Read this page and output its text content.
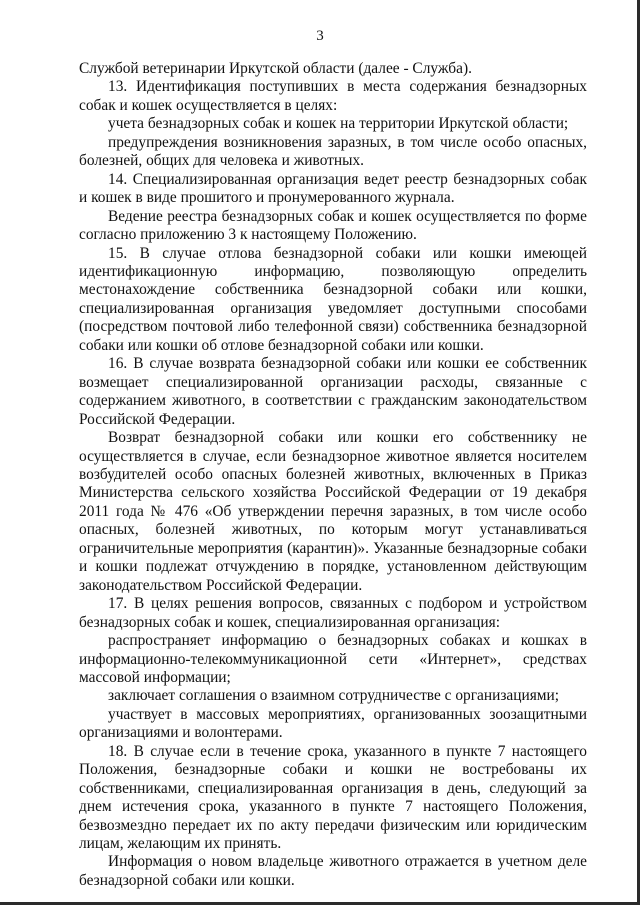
3

Службой ветеринарии Иркутской области (далее - Служба).

13. Идентификация поступивших в места содержания безнадзорных собак и кошек осуществляется в целях:

учета безнадзорных собак и кошек на территории Иркутской области;

предупреждения возникновения заразных, в том числе особо опасных, болезней, общих для человека и животных.

14. Специализированная организация ведет реестр безнадзорных собак и кошек в виде прошитого и пронумерованного журнала.

Ведение реестра безнадзорных собак и кошек осуществляется по форме согласно приложению 3 к настоящему Положению.

15. В случае отлова безнадзорной собаки или кошки имеющей идентификационную информацию, позволяющую определить местонахождение собственника безнадзорной собаки или кошки, специализированная организация уведомляет доступными способами (посредством почтовой либо телефонной связи) собственника безнадзорной собаки или кошки об отлове безнадзорной собаки или кошки.

16. В случае возврата безнадзорной собаки или кошки ее собственник возмещает специализированной организации расходы, связанные с содержанием животного, в соответствии с гражданским законодательством Российской Федерации.

Возврат безнадзорной собаки или кошки его собственнику не осуществляется в случае, если безнадзорное животное является носителем возбудителей особо опасных болезней животных, включенных в Приказ Министерства сельского хозяйства Российской Федерации от 19 декабря 2011 года № 476 «Об утверждении перечня заразных, в том числе особо опасных, болезней животных, по которым могут устанавливаться ограничительные мероприятия (карантин)». Указанные безнадзорные собаки и кошки подлежат отчуждению в порядке, установленном действующим законодательством Российской Федерации.

17. В целях решения вопросов, связанных с подбором и устройством безнадзорных собак и кошек, специализированная организация:

распространяет информацию о безнадзорных собаках и кошках в информационно-телекоммуникационной сети «Интернет», средствах массовой информации;

заключает соглашения о взаимном сотрудничестве с организациями;

участвует в массовых мероприятиях, организованных зоозащитными организациями и волонтерами.

18. В случае если в течение срока, указанного в пункте 7 настоящего Положения, безнадзорные собаки и кошки не востребованы их собственниками, специализированная организация в день, следующий за днем истечения срока, указанного в пункте 7 настоящего Положения, безвозмездно передает их по акту передачи физическим или юридическим лицам, желающим их принять.

Информация о новом владельце животного отражается в учетном деле безнадзорной собаки или кошки.
